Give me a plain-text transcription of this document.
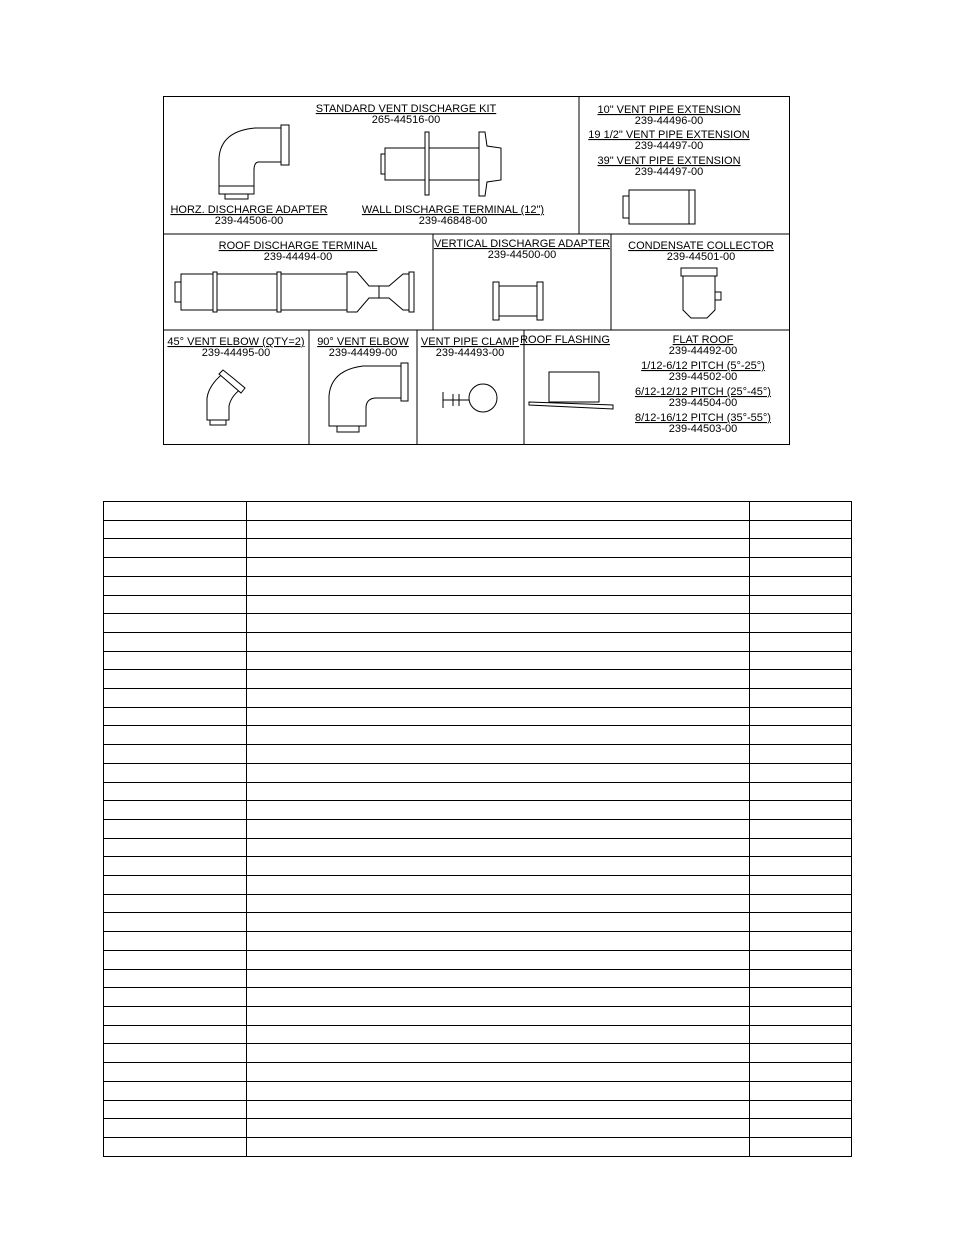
STANDARD VENT DISCHARGE KIT
265-44516-00
HORZ. DISCHARGE ADAPTER
239-44506-00
WALL DISCHARGE TERMINAL (12")
239-46848-00
10" VENT PIPE EXTENSION
239-44496-00
19 1/2" VENT PIPE EXTENSION
239-44497-00
39" VENT PIPE EXTENSION
239-44497-00
ROOF DISCHARGE TERMINAL
239-44494-00
VERTICAL DISCHARGE ADAPTER
239-44500-00
CONDENSATE COLLECTOR
239-44501-00
45° VENT ELBOW (QTY=2)
239-44495-00
90° VENT ELBOW
239-44499-00
VENT PIPE CLAMP
239-44493-00
ROOF FLASHING	FLAT ROOF
239-44492-00
1/12-6/12 PITCH (5°-25°)
239-44502-00
6/12-12/12 PITCH (25°-45°)
239-44504-00
8/12-16/12 PITCH (35°-55°)
239-44503-00
